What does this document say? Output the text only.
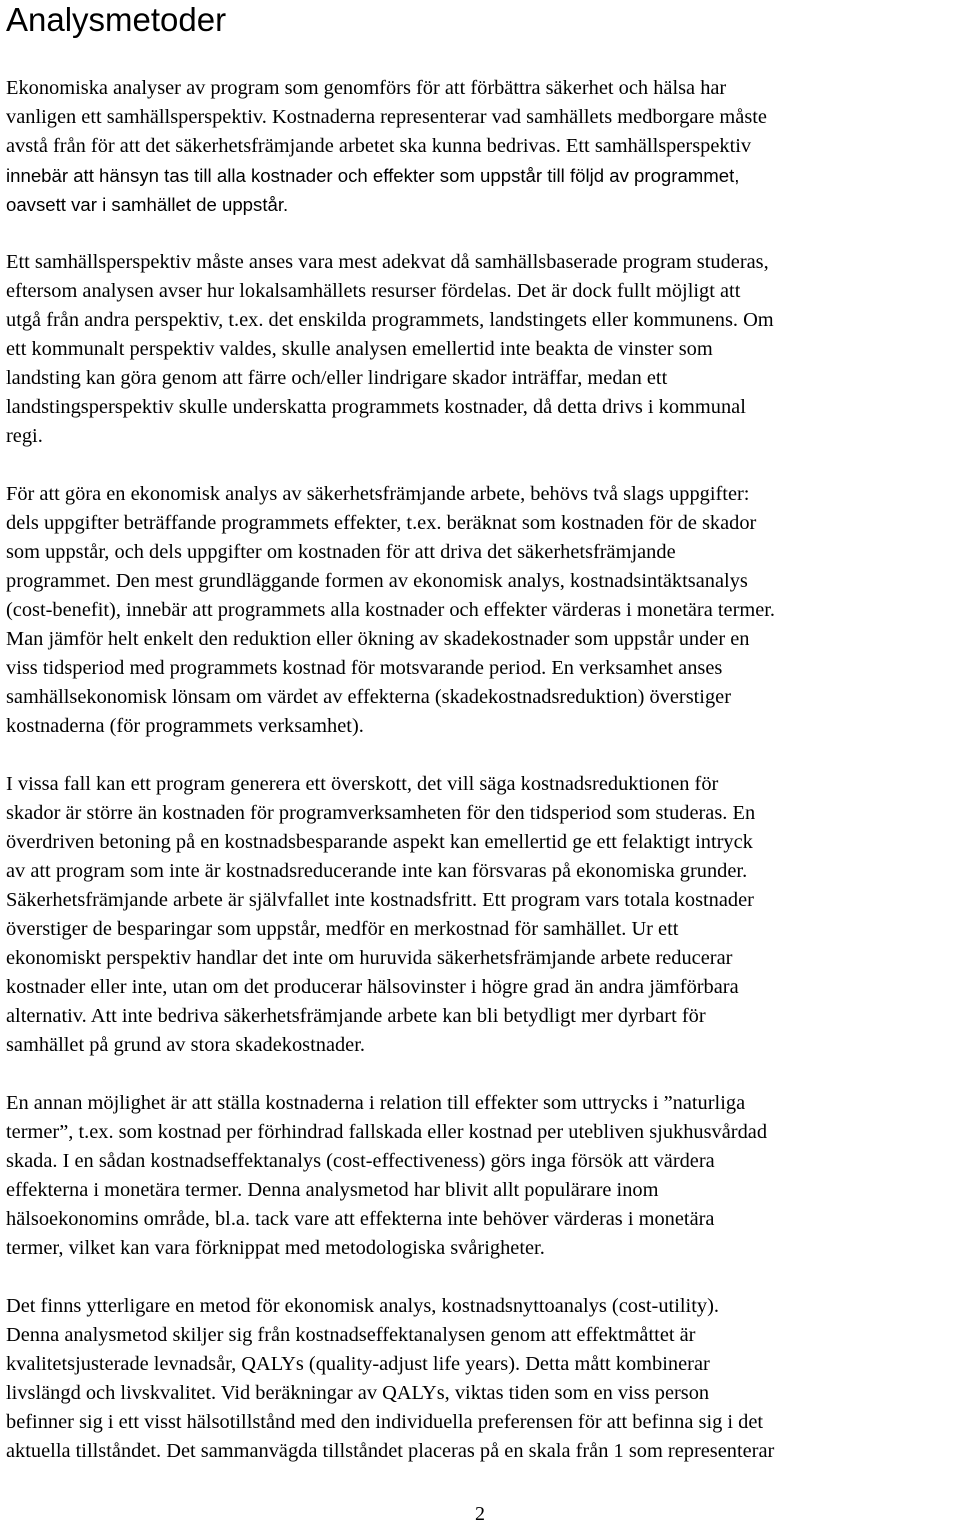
Analysmetoder

Ekonomiska analyser av program som genomförs för att förbättra säkerhet och hälsa har
vanligen ett samhällsperspektiv. Kostnaderna representerar vad samhällets medborgare måste
avstå från för att det säkerhetsfrämjande arbetet ska kunna bedrivas. Ett samhällsperspektiv
innebär att hänsyn tas till alla kostnader och effekter som uppstår till följd av programmet,
oavsett var i samhället de uppstår.

Ett samhällsperspektiv måste anses vara mest adekvat då samhällsbaserade program studeras,
eftersom analysen avser hur lokalsamhällets resurser fördelas. Det är dock fullt möjligt att
utgå från andra perspektiv, t.ex. det enskilda programmets, landstingets eller kommunens. Om
ett kommunalt perspektiv valdes, skulle analysen emellertid inte beakta de vinster som
landsting kan göra genom att färre och/eller lindrigare skador inträffar, medan ett
landstingsperspektiv skulle underskatta programmets kostnader, då detta drivs i kommunal
regi.

För att göra en ekonomisk analys av säkerhetsfrämjande arbete, behövs två slags uppgifter:
dels uppgifter beträffande programmets effekter, t.ex. beräknat som kostnaden för de skador
som uppstår, och dels uppgifter om kostnaden för att driva det säkerhetsfrämjande
programmet. Den mest grundläggande formen av ekonomisk analys, kostnadsintäktsanalys
(cost-benefit), innebär att programmets alla kostnader och effekter värderas i monetära termer.
Man jämför helt enkelt den reduktion eller ökning av skadekostnader som uppstår under en
viss tidsperiod med programmets kostnad för motsvarande period. En verksamhet anses
samhällsekonomisk lönsam om värdet av effekterna (skadekostnadsreduktion) överstiger
kostnaderna (för programmets verksamhet).

I vissa fall kan ett program generera ett överskott, det vill säga kostnadsreduktionen för
skador är större än kostnaden för programverksamheten för den tidsperiod som studeras. En
överdriven betoning på en kostnadsbesparande aspekt kan emellertid ge ett felaktigt intryck
av att program som inte är kostnadsreducerande inte kan försvaras på ekonomiska grunder.
Säkerhetsfrämjande arbete är självfallet inte kostnadsfritt. Ett program vars totala kostnader
överstiger de besparingar som uppstår, medför en merkostnad för samhället. Ur ett
ekonomiskt perspektiv handlar det inte om huruvida säkerhetsfrämjande arbete reducerar
kostnader eller inte, utan om det producerar hälsovinster i högre grad än andra jämförbara
alternativ. Att inte bedriva säkerhetsfrämjande arbete kan bli betydligt mer dyrbart för
samhället på grund av stora skadekostnader.

En annan möjlighet är att ställa kostnaderna i relation till effekter som uttrycks i ”naturliga
termer”, t.ex. som kostnad per förhindrad fallskada eller kostnad per utebliven sjukhusvårdad
skada. I en sådan kostnadseffektanalys (cost-effectiveness) görs inga försök att värdera
effekterna i monetära termer. Denna analysmetod har blivit allt populärare inom
hälsoekonomins område, bl.a. tack vare att effekterna inte behöver värderas i monetära
termer, vilket kan vara förknippat med metodologiska svårigheter.

Det finns ytterligare en metod för ekonomisk analys, kostnadsnyttoanalys (cost-utility).
Denna analysmetod skiljer sig från kostnadseffektanalysen genom att effektmåttet är
kvalitetsjusterade levnadsår, QALYs (quality-adjust life years). Detta mått kombinerar
livslängd och livskvalitet. Vid beräkningar av QALYs, viktas tiden som en viss person
befinner sig i ett visst hälsotillstånd med den individuella preferensen för att befinna sig i det
aktuella tillståndet. Det sammanvägda tillståndet placeras på en skala från 1 som representerar

2
